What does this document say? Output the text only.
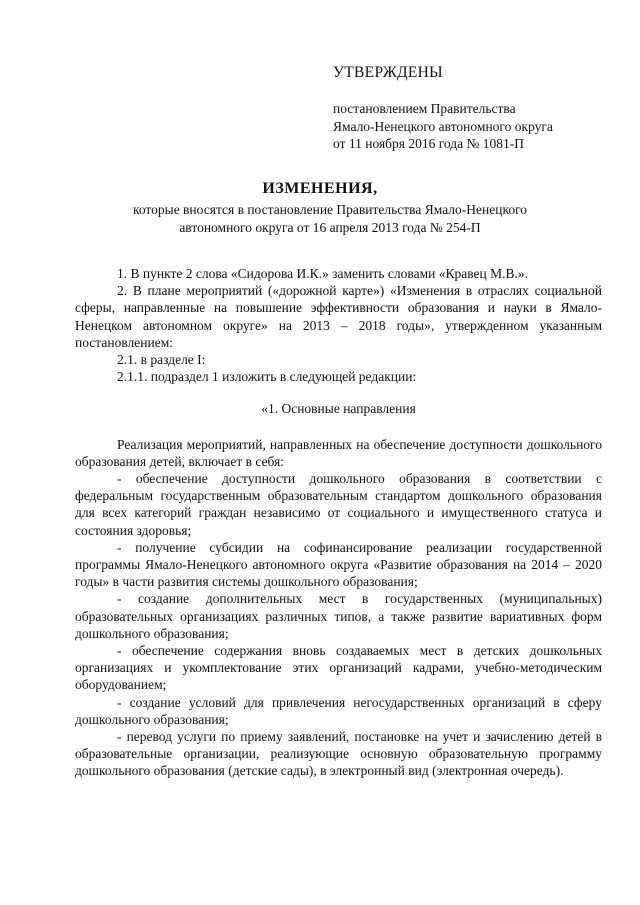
УТВЕРЖДЕНЫ
постановлением Правительства
Ямало-Ненецкого автономного округа
от 11 ноября 2016 года № 1081-П
ИЗМЕНЕНИЯ,
которые вносятся в постановление Правительства Ямало-Ненецкого
автономного округа от 16 апреля 2013 года № 254-П

1. В пункте 2 слова «Сидорова И.К.» заменить словами «Кравец М.В.».

2. В плане мероприятий («дорожной карте») «Изменения в отраслях социальной сферы, направленные на повышение эффективности образования и науки в Ямало-Ненецком автономном округе» на 2013 – 2018 годы», утвержденном указанным постановлением:

2.1. в разделе I:

2.1.1. подраздел 1 изложить в следующей редакции:

«1. Основные направления

Реализация мероприятий, направленных на обеспечение доступности дошкольного образования детей, включает в себя:

- обеспечение доступности дошкольного образования в соответствии с федеральным государственным образовательным стандартом дошкольного образования для всех категорий граждан независимо от социального и имущественного статуса и состояния здоровья;

- получение субсидии на софинансирование реализации государственной программы Ямало-Ненецкого автономного округа «Развитие образования на 2014 – 2020 годы» в части развития системы дошкольного образования;

- создание дополнительных мест в государственных (муниципальных) образовательных организациях различных типов, а также развитие вариативных форм дошкольного образования;

- обеспечение содержания вновь создаваемых мест в детских дошкольных организациях и укомплектование этих организаций кадрами, учебно-методическим оборудованием;

- создание условий для привлечения негосударственных организаций в сферу дошкольного образования;

- перевод услуги по приему заявлений, постановке на учет и зачислению детей в образовательные организации, реализующие основную образовательную программу дошкольного образования (детские сады), в электронный вид (электронная очередь).
